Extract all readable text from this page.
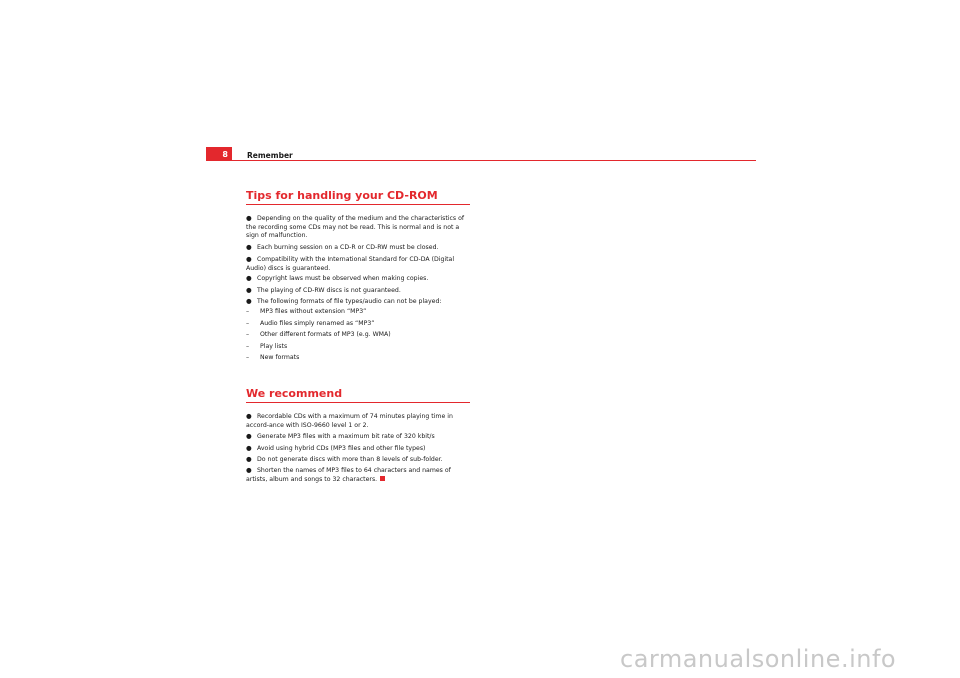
8	Remember
Tips for handling your CD-ROM
● Depending on the quality of the medium and the characteristics of the recording some CDs may not be read. This is normal and is not a sign of malfunction.
● Each burning session on a CD-R or CD-RW must be closed.
● Compatibility with the International Standard for CD-DA (Digital Audio) discs is guaranteed.
● Copyright laws must be observed when making copies.
● The playing of CD-RW discs is not guaranteed.
● The following formats of file types/audio can not be played:
– MP3 files without extension “MP3”
– Audio files simply renamed as “MP3”
– Other different formats of MP3 (e.g. WMA)
– Play lists
– New formats
We recommend
● Recordable CDs with a maximum of 74 minutes playing time in accord-ance with ISO-9660 level 1 or 2.
● Generate MP3 files with a maximum bit rate of 320 kbit/s
● Avoid using hybrid CDs (MP3 files and other file types)
● Do not generate discs with more than 8 levels of sub-folder.
● Shorten the names of MP3 files to 64 characters and names of artists, album and songs to 32 characters.
carmanualsonline.info
